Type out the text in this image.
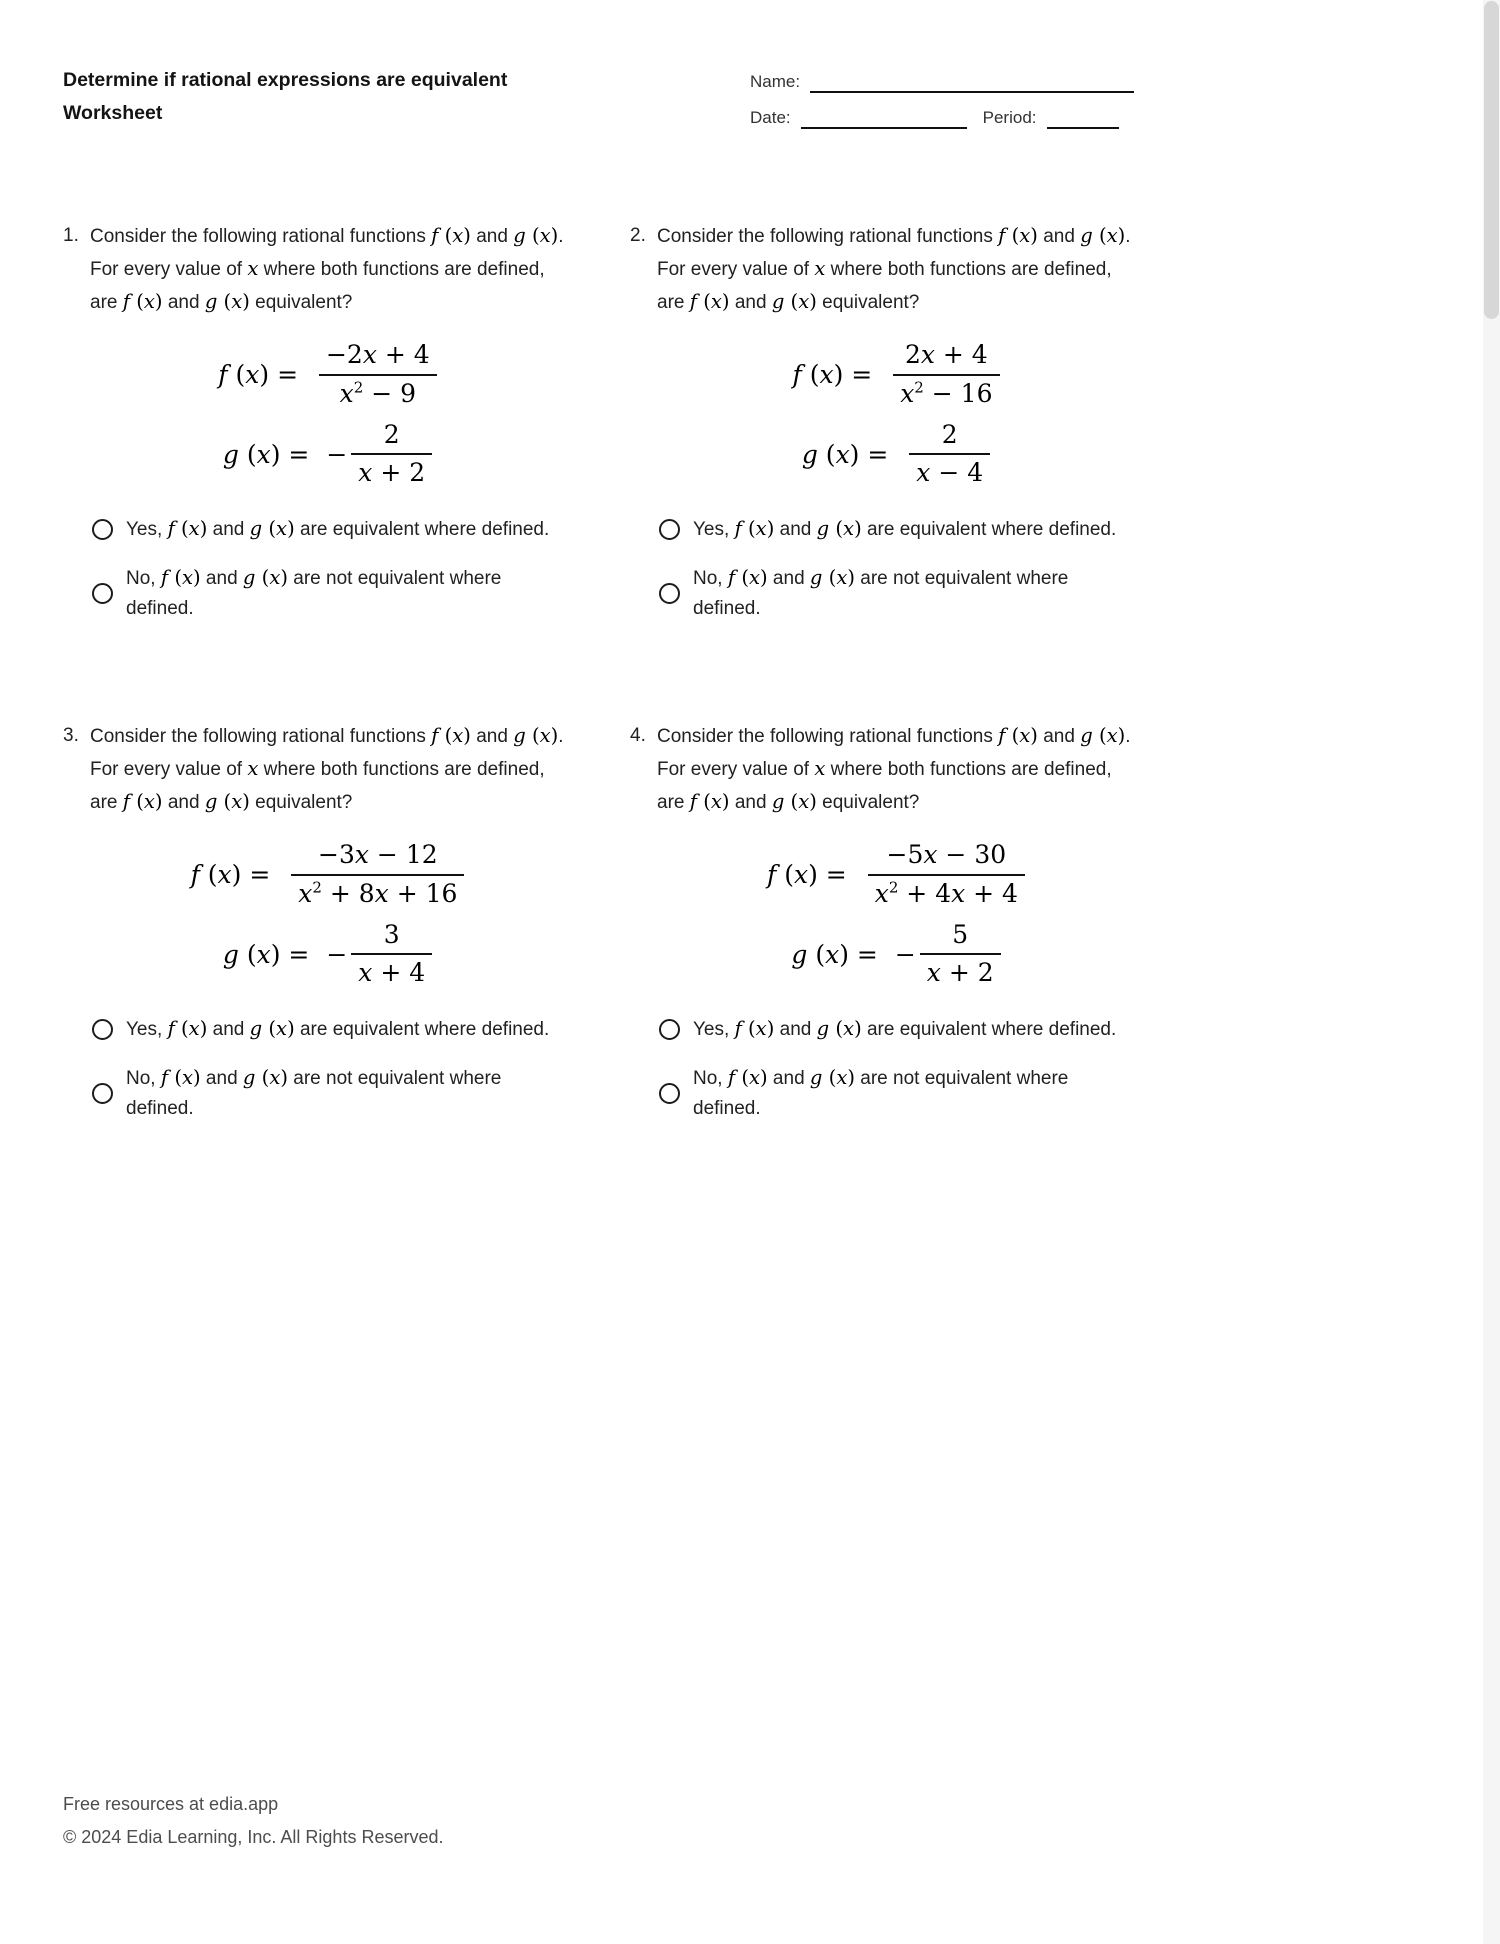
Determine if rational expressions are equivalent
Worksheet
Name:
Date:	Period:
1. Consider the following rational functions f (x) and g (x). For every value of x where both functions are defined, are f (x) and g (x) equivalent?
f $(x) = \frac{-2x + 4}{x^2 - 9}$
g (x) = − $\frac{2}{x + 2}$
Yes, f (x) and g (x) are equivalent where defined.
No, f (x) and g (x) are not equivalent where defined.
2. Consider the following rational functions f (x) and g (x). For every value of x where both functions are defined, are f (x) and g (x) equivalent?
f $(x) = \frac{2x + 4}{x^2 - 16}$
g $(x) = \frac{2}{x - 4}$
Yes, f (x) and g (x) are equivalent where defined.
No, f (x) and g (x) are not equivalent where defined.
3. Consider the following rational functions f (x) and g (x). For every value of x where both functions are defined, are f (x) and g (x) equivalent?
f $(x) = \frac{-3x - 12}{x^2 + 8x + 16}$
g (x) = − $\frac{3}{x + 4}$
Yes, f (x) and g (x) are equivalent where defined.
No, f (x) and g (x) are not equivalent where defined.
4. Consider the following rational functions f (x) and g (x). For every value of x where both functions are defined, are f (x) and g (x) equivalent?
f $(x) = \frac{-5x - 30}{x^2 + 4x + 4}$
g (x) = − $\frac{5}{x + 2}$
Yes, f (x) and g (x) are equivalent where defined.
No, f (x) and g (x) are not equivalent where defined.
Free resources at edia.app
© 2024 Edia Learning, Inc. All Rights Reserved.
